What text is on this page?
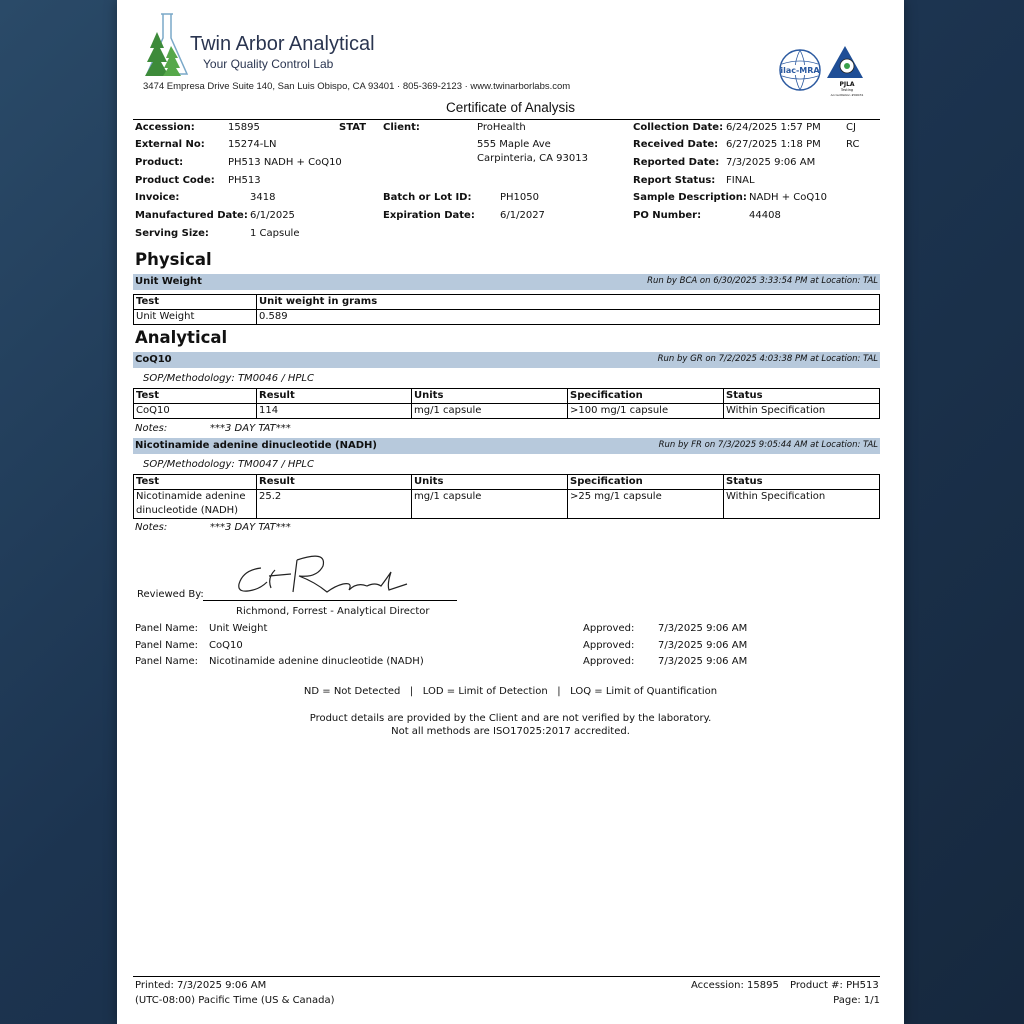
Twin Arbor Analytical
Your Quality Control Lab
3474 Empresa Drive Suite 140, San Luis Obispo, CA 93401 · 805-369-2123 · www.twinarborlabs.com
ilac-MRA
PJLA
Testing
Accreditation #99031
Certificate of Analysis
Accession:	15895	STAT
External No: 15274-LN
Product:	PH513 NADH + CoQ10
Product Code: PH513
Invoice:	3418
Manufactured Date: 6/1/2025
Serving Size:	1 Capsule
Client:	ProHealth
555 Maple Ave
Carpinteria, CA 93013
Batch or Lot ID:	PH1050
Expiration Date:	6/1/2027
Collection Date: 6/24/2025 1:57 PM	CJ
Received Date: 6/27/2025 1:18 PM	RC
Reported Date: 7/3/2025 9:06 AM
Report Status: FINAL
Sample Description: NADH + CoQ10
PO Number:	44408
Physical
Unit Weight	Run by BCA on 6/30/2025 3:33:54 PM at Location: TAL
Test	Unit weight in grams
Unit Weight	0.589
Analytical
CoQ10	Run by GR on 7/2/2025 4:03:38 PM at Location: TAL
SOP/Methodology: TM0046 / HPLC
Test	Result	Units	Specification	Status
CoQ10	114	mg/1 capsule	>100 mg/1 capsule	Within Specification
Notes:	***3 DAY TAT***
Nicotinamide adenine dinucleotide (NADH)	Run by FR on 7/3/2025 9:05:44 AM at Location: TAL
SOP/Methodology: TM0047 / HPLC
Test	Result	Units	Specification	Status
Nicotinamide adenine
dinucleotide (NADH)	25.2	mg/1 capsule	>25 mg/1 capsule	Within Specification
Notes:	***3 DAY TAT***
Reviewed By:
Richmond, Forrest - Analytical Director
Panel Name: Unit Weight	Approved: 7/3/2025 9:06 AM
Panel Name: CoQ10	Approved: 7/3/2025 9:06 AM
Panel Name: Nicotinamide adenine dinucleotide (NADH)	Approved: 7/3/2025 9:06 AM
ND = Not Detected   |   LOD = Limit of Detection   |   LOQ = Limit of Quantification
Product details are provided by the Client and are not verified by the laboratory.
Not all methods are ISO17025:2017 accredited.
Printed: 7/3/2025 9:06 AM
(UTC-08:00) Pacific Time (US & Canada)
Accession: 15895 Product #: PH513
Page: 1/1
